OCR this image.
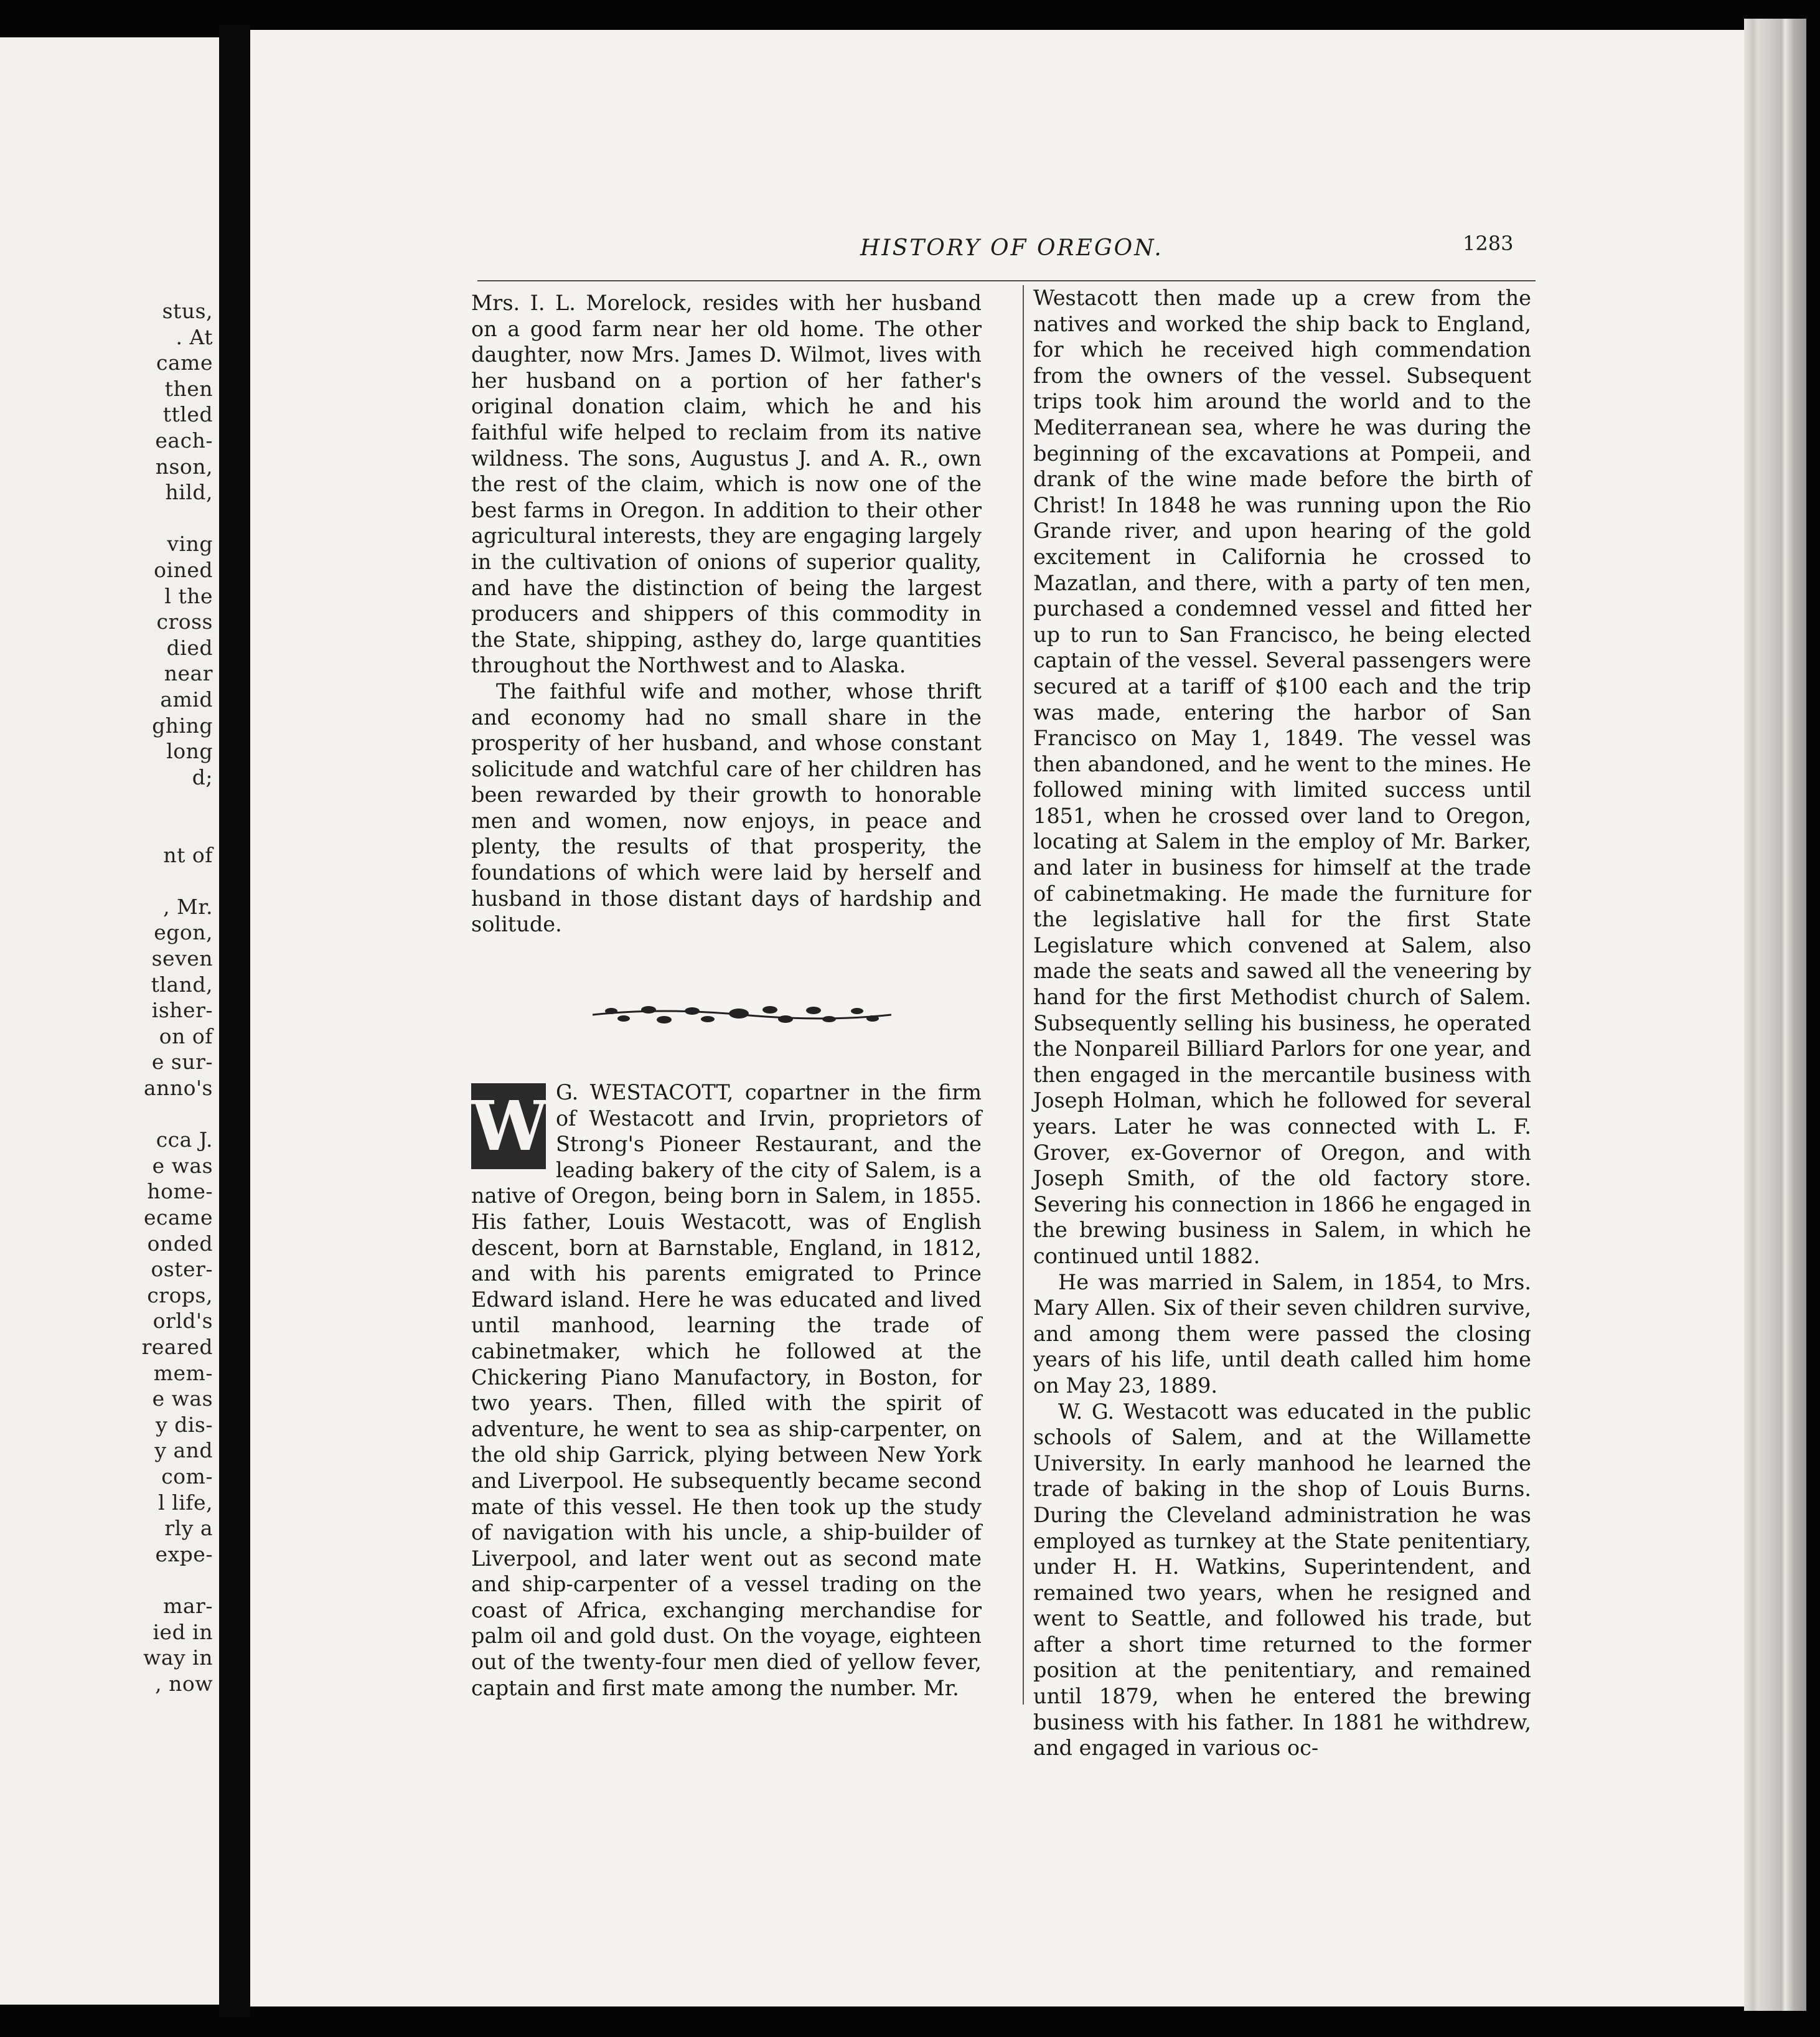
stus,
. At
came
then
ttled
each-
nson,
hild,
ving
oined
l the
cross
died
near
amid
ghing
long
d;
nt of
, Mr.
egon,
seven
tland,
isher-
on of
e sur-
anno's
cca J.
e was
home-
ecame
onded
oster-
crops,
orld's
reared
mem-
e was
y dis-
y and
com-
l life,
rly a
expe-
mar-
ied in
way in
, now
HISTORY OF OREGON.	1283

Mrs. I. L. Morelock, resides with her husband on a good farm near her old home. The other daughter, now Mrs. James D. Wilmot, lives with her husband on a portion of her father's original donation claim, which he and his faithful wife helped to reclaim from its native wildness. The sons, Augustus J. and A. R., own the rest of the claim, which is now one of the best farms in Oregon. In addition to their other agricultural interests, they are engaging largely in the cultivation of onions of superior quality, and have the distinction of being the largest producers and shippers of this commodity in the State, shipping, asthey do, large quantities throughout the Northwest and to Alaska.

The faithful wife and mother, whose thrift and economy had no small share in the prosperity of her husband, and whose constant solicitude and watchful care of her children has been rewarded by their growth to honorable men and women, now enjoys, in peace and plenty, the results of that prosperity, the foundations of which were laid by herself and husband in those distant days of hardship and solitude.

W G. WESTACOTT, copartner in the firm of Westacott and Irvin, proprietors of Strong's Pioneer Restaurant, and the leading bakery of the city of Salem, is a native of Oregon, being born in Salem, in 1855. His father, Louis Westacott, was of English descent, born at Barnstable, England, in 1812, and with his parents emigrated to Prince Edward island. Here he was educated and lived until manhood, learning the trade of cabinetmaker, which he followed at the Chickering Piano Manufactory, in Boston, for two years. Then, filled with the spirit of adventure, he went to sea as ship-carpenter, on the old ship Garrick, plying between New York and Liverpool. He subsequently became second mate of this vessel. He then took up the study of navigation with his uncle, a ship-builder of Liverpool, and later went out as second mate and ship-carpenter of a vessel trading on the coast of Africa, exchanging merchandise for palm oil and gold dust. On the voyage, eighteen out of the twenty-four men died of yellow fever, captain and first mate among the number. Mr.

Westacott then made up a crew from the natives and worked the ship back to England, for which he received high commendation from the owners of the vessel. Subsequent trips took him around the world and to the Mediterranean sea, where he was during the beginning of the excavations at Pompeii, and drank of the wine made before the birth of Christ! In 1848 he was running upon the Rio Grande river, and upon hearing of the gold excitement in California he crossed to Mazatlan, and there, with a party of ten men, purchased a condemned vessel and fitted her up to run to San Francisco, he being elected captain of the vessel. Several passengers were secured at a tariff of $100 each and the trip was made, entering the harbor of San Francisco on May 1, 1849. The vessel was then abandoned, and he went to the mines. He followed mining with limited success until 1851, when he crossed over land to Oregon, locating at Salem in the employ of Mr. Barker, and later in business for himself at the trade of cabinetmaking. He made the furniture for the legislative hall for the first State Legislature which convened at Salem, also made the seats and sawed all the veneering by hand for the first Methodist church of Salem. Subsequently selling his business, he operated the Nonpareil Billiard Parlors for one year, and then engaged in the mercantile business with Joseph Holman, which he followed for several years. Later he was connected with L. F. Grover, ex-Governor of Oregon, and with Joseph Smith, of the old factory store. Severing his connection in 1866 he engaged in the brewing business in Salem, in which he continued until 1882.

He was married in Salem, in 1854, to Mrs. Mary Allen. Six of their seven children survive, and among them were passed the closing years of his life, until death called him home on May 23, 1889.

W. G. Westacott was educated in the public schools of Salem, and at the Willamette University. In early manhood he learned the trade of baking in the shop of Louis Burns. During the Cleveland administration he was employed as turnkey at the State penitentiary, under H. H. Watkins, Superintendent, and remained two years, when he resigned and went to Seattle, and followed his trade, but after a short time returned to the former position at the penitentiary, and remained until 1879, when he entered the brewing business with his father. In 1881 he withdrew, and engaged in various oc-
